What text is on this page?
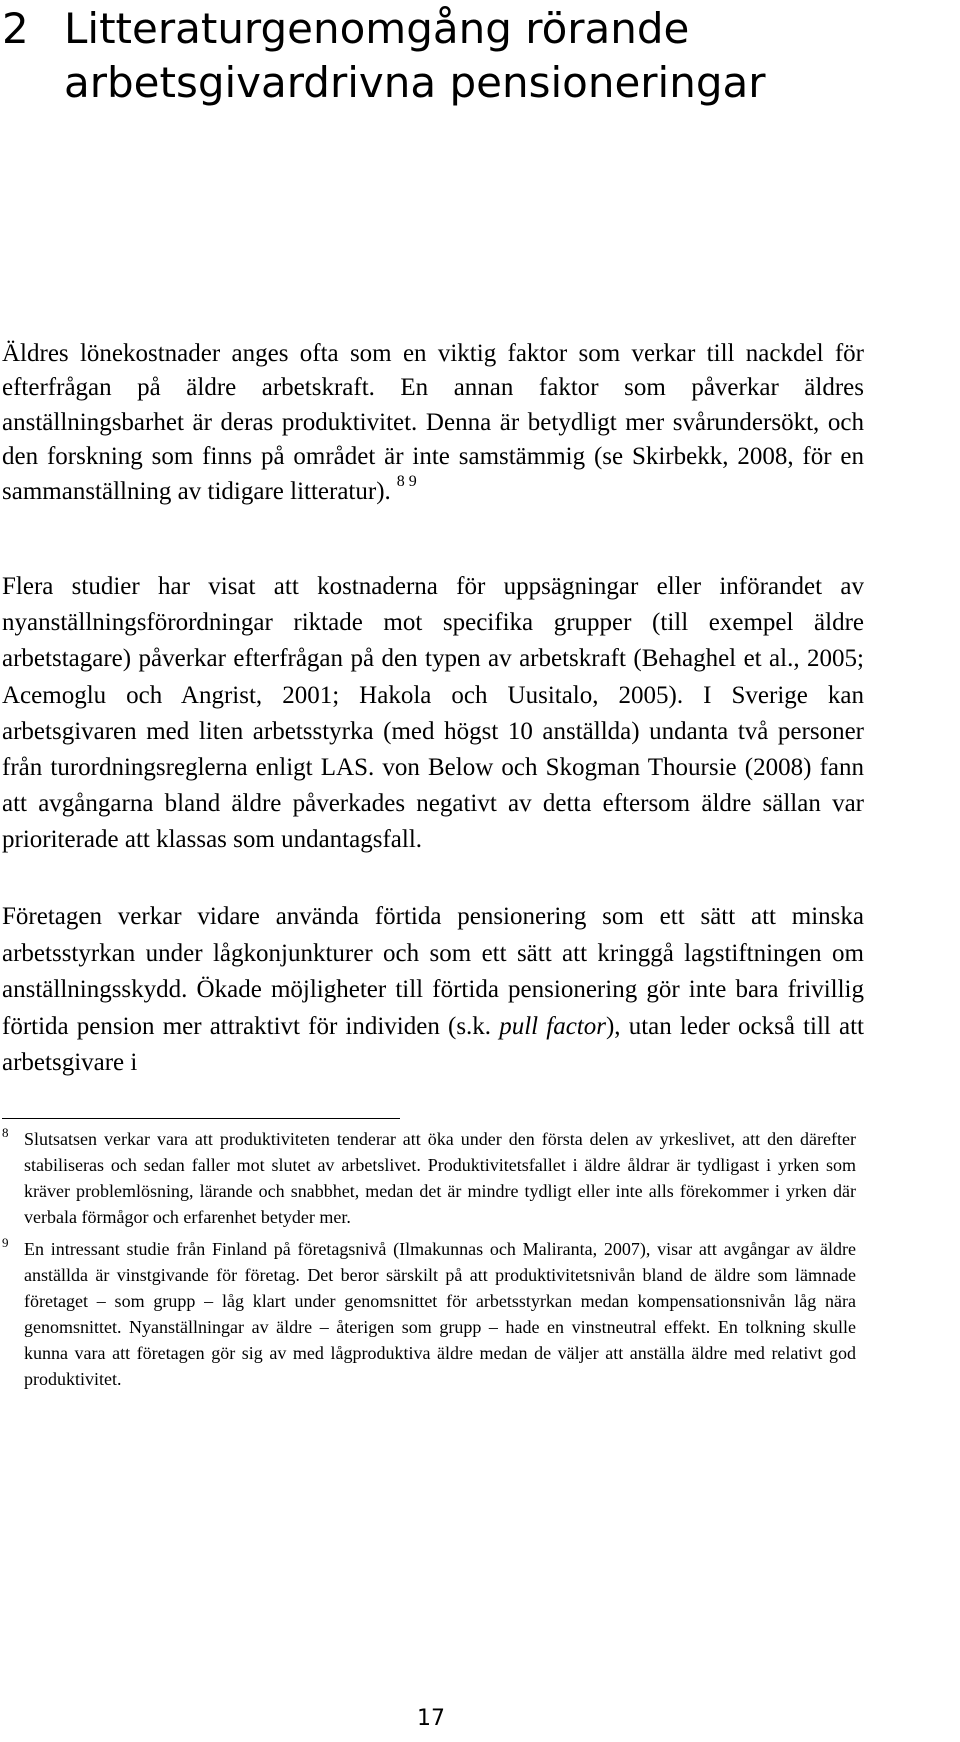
2 Litteraturgenomgång rörande
arbetsgivardrivna pensioneringar

Äldres lönekostnader anges ofta som en viktig faktor som verkar till nackdel för efterfrågan på äldre arbetskraft. En annan faktor som påverkar äldres anställningsbarhet är deras produktivitet. Denna är betydligt mer svårundersökt, och den forskning som finns på området är inte samstämmig (se Skirbekk, 2008, för en sammanställning av tidigare litteratur). $^{8 9}$

Flera studier har visat att kostnaderna för uppsägningar eller införandet av nyanställningsförordningar riktade mot specifika grupper (till exempel äldre arbetstagare) påverkar efterfrågan på den typen av arbetskraft (Behaghel et al., 2005; Acemoglu och Angrist, 2001; Hakola och Uusitalo, 2005). I Sverige kan arbetsgivaren med liten arbetsstyrka (med högst 10 anställda) undanta två personer från turordningsreglerna enligt LAS. von Below och Skogman Thoursie (2008) fann att avgångarna bland äldre påverkades negativt av detta eftersom äldre sällan var prioriterade att klassas som undantagsfall.

Företagen verkar vidare använda förtida pensionering som ett sätt att minska arbetsstyrkan under lågkonjunkturer och som ett sätt att kringgå lagstiftningen om anställningsskydd. Ökade möjligheter till förtida pensionering gör inte bara frivillig förtida pension mer attraktivt för individen (s.k. pull factor), utan leder också till att arbetsgivare i

8 Slutsatsen verkar vara att produktiviteten tenderar att öka under den första delen av yrkeslivet, att den därefter stabiliseras och sedan faller mot slutet av arbetslivet. Produktivitetsfallet i äldre åldrar är tydligast i yrken som kräver problemlösning, lärande och snabbhet, medan det är mindre tydligt eller inte alls förekommer i yrken där verbala förmågor och erfarenhet betyder mer.

9 En intressant studie från Finland på företagsnivå (Ilmakunnas och Maliranta, 2007), visar att avgångar av äldre anställda är vinstgivande för företag. Det beror särskilt på att produktivitetsnivån bland de äldre som lämnade företaget – som grupp – låg klart under genomsnittet för arbetsstyrkan medan kompensationsnivån låg nära genomsnittet. Nyanställningar av äldre – återigen som grupp – hade en vinstneutral effekt. En tolkning skulle kunna vara att företagen gör sig av med lågproduktiva äldre medan de väljer att anställa äldre med relativt god produktivitet.

17
